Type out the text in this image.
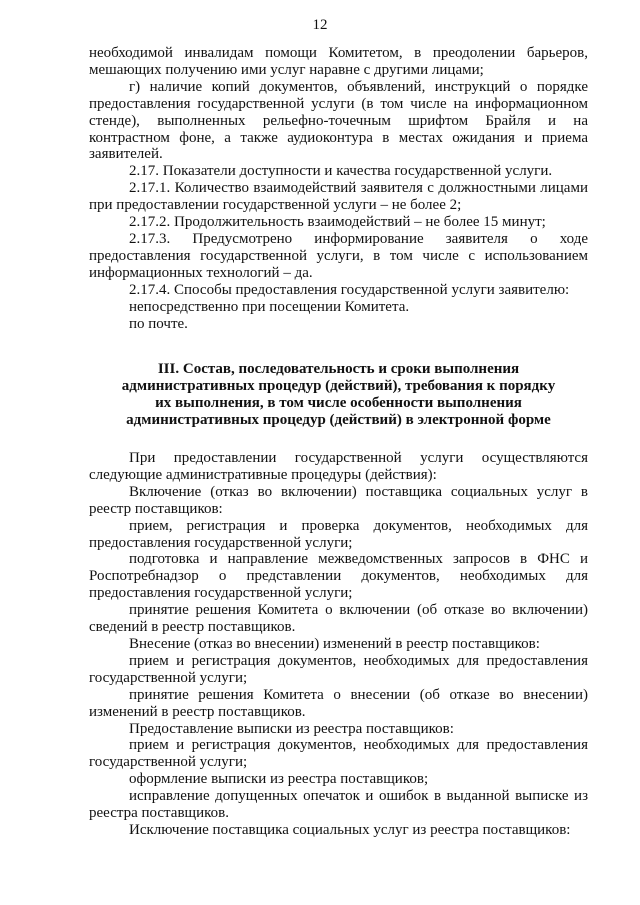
12

необходимой инвалидам помощи Комитетом, в преодолении барьеров, мешающих получению ими услуг наравне с другими лицами;

г) наличие копий документов, объявлений, инструкций о порядке предоставления государственной услуги (в том числе на информационном стенде), выполненных рельефно-точечным шрифтом Брайля и на контрастном фоне, а также аудиоконтура в местах ожидания и приема заявителей.

2.17. Показатели доступности и качества государственной услуги.

2.17.1. Количество взаимодействий заявителя с должностными лицами при предоставлении государственной услуги – не более 2;

2.17.2. Продолжительность взаимодействий – не более 15 минут;

2.17.3. Предусмотрено информирование заявителя о ходе предоставления государственной услуги, в том числе с использованием информационных технологий – да.

2.17.4. Способы предоставления государственной услуги заявителю:

непосредственно при посещении Комитета.

по почте.

III. Состав, последовательность и сроки выполнения
административных процедур (действий), требования к порядку
их выполнения, в том числе особенности выполнения
административных процедур (действий) в электронной форме

При предоставлении государственной услуги осуществляются следующие административные процедуры (действия):

Включение (отказ во включении) поставщика социальных услуг в реестр поставщиков:

прием, регистрация и проверка документов, необходимых для предоставления государственной услуги;

подготовка и направление межведомственных запросов в ФНС и Роспотребнадзор о представлении документов, необходимых для предоставления государственной услуги;

принятие решения Комитета о включении (об отказе во включении) сведений в реестр поставщиков.

Внесение (отказ во внесении) изменений в реестр поставщиков:

прием и регистрация документов, необходимых для предоставления государственной услуги;

принятие решения Комитета о внесении (об отказе во внесении) изменений в реестр поставщиков.

Предоставление выписки из реестра поставщиков:

прием и регистрация документов, необходимых для предоставления государственной услуги;

оформление выписки из реестра поставщиков;

исправление допущенных опечаток и ошибок в выданной выписке из реестра поставщиков.

Исключение поставщика социальных услуг из реестра поставщиков:
